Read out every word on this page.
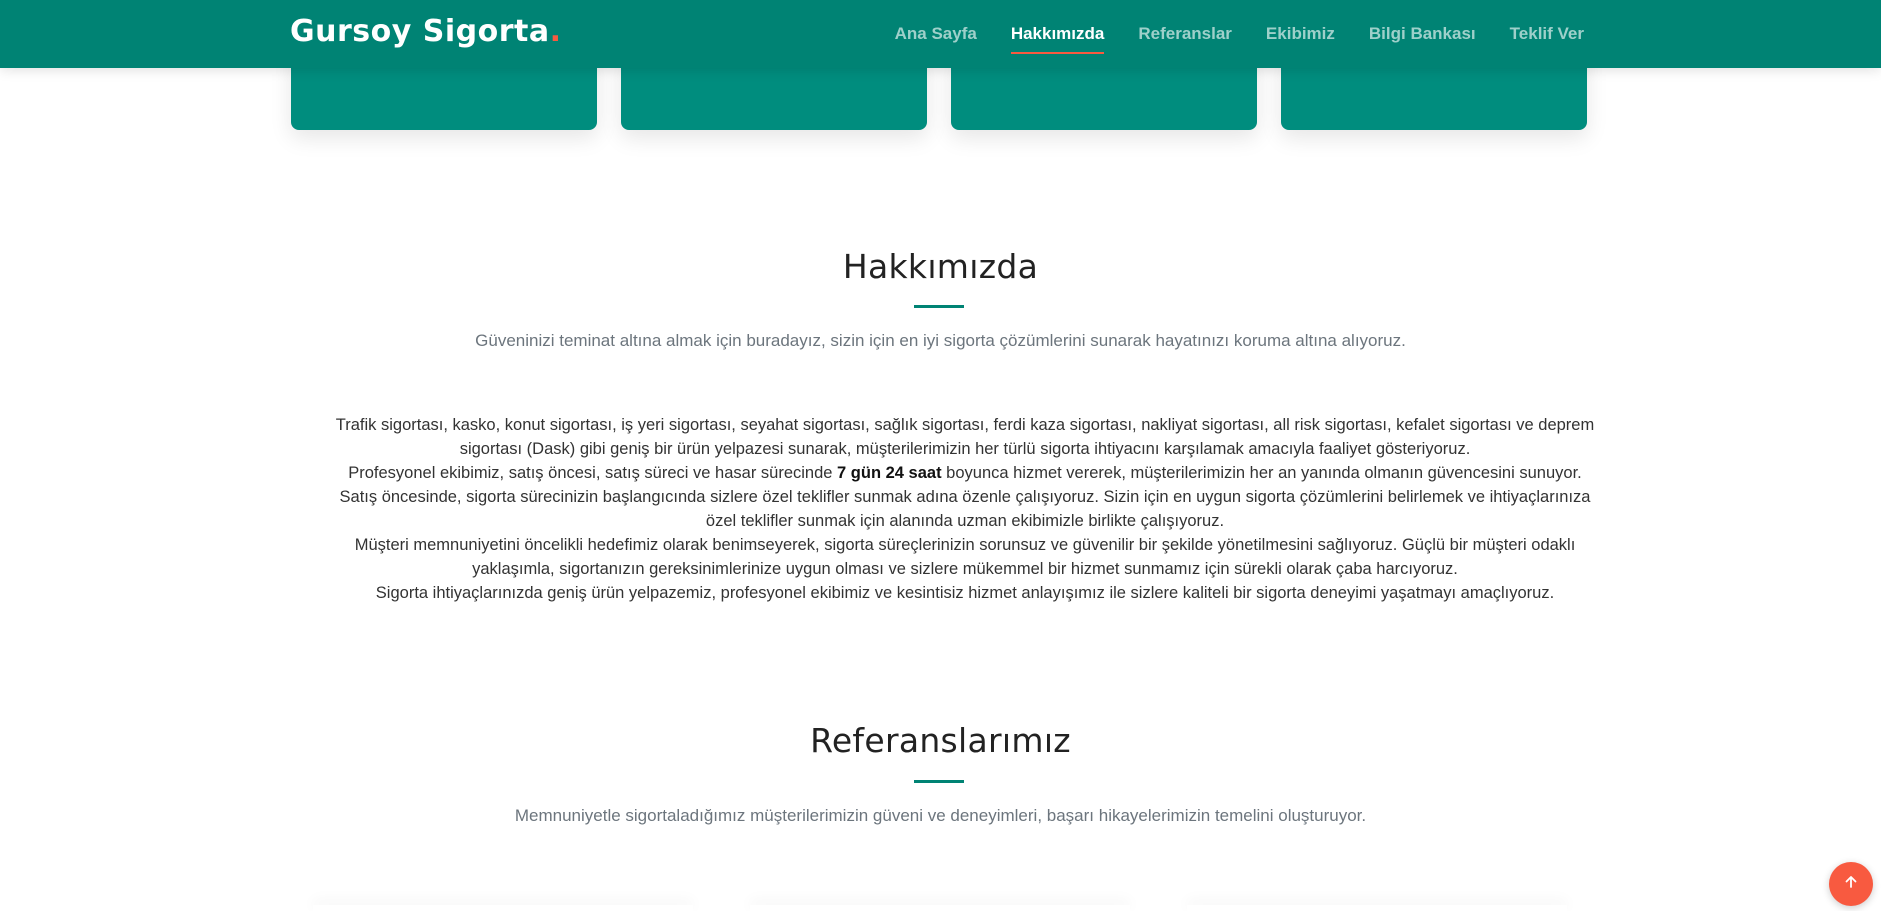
Gursoy Sigorta.	Ana Sayfa Hakkımızda Referanslar Ekibimiz Bilgi Bankası Teklif Ver
Hakkımızda

Güveninizi teminat altına almak için buradayız, sizin için en iyi sigorta çözümlerini sunarak hayatınızı koruma altına alıyoruz.

Trafik sigortası, kasko, konut sigortası, iş yeri sigortası, seyahat sigortası, sağlık sigortası, ferdi kaza sigortası, nakliyat sigortası, all risk sigortası, kefalet sigortası ve deprem sigortası (Dask) gibi geniş bir ürün yelpazesi sunarak, müşterilerimizin her türlü sigorta ihtiyacını karşılamak amacıyla faaliyet gösteriyoruz.

Profesyonel ekibimiz, satış öncesi, satış süreci ve hasar sürecinde 7 gün 24 saat boyunca hizmet vererek, müşterilerimizin her an yanında olmanın güvencesini sunuyor.

Satış öncesinde, sigorta sürecinizin başlangıcında sizlere özel teklifler sunmak adına özenle çalışıyoruz. Sizin için en uygun sigorta çözümlerini belirlemek ve ihtiyaçlarınıza özel teklifler sunmak için alanında uzman ekibimizle birlikte çalışıyoruz.

Müşteri memnuniyetini öncelikli hedefimiz olarak benimseyerek, sigorta süreçlerinizin sorunsuz ve güvenilir bir şekilde yönetilmesini sağlıyoruz. Güçlü bir müşteri odaklı yaklaşımla, sigortanızın gereksinimlerinize uygun olması ve sizlere mükemmel bir hizmet sunmamız için sürekli olarak çaba harcıyoruz.

Sigorta ihtiyaçlarınızda geniş ürün yelpazemiz, profesyonel ekibimiz ve kesintisiz hizmet anlayışımız ile sizlere kaliteli bir sigorta deneyimi yaşatmayı amaçlıyoruz.

Referanslarımız

Memnuniyetle sigortaladığımız müşterilerimizin güveni ve deneyimleri, başarı hikayelerimizin temelini oluşturuyor.
